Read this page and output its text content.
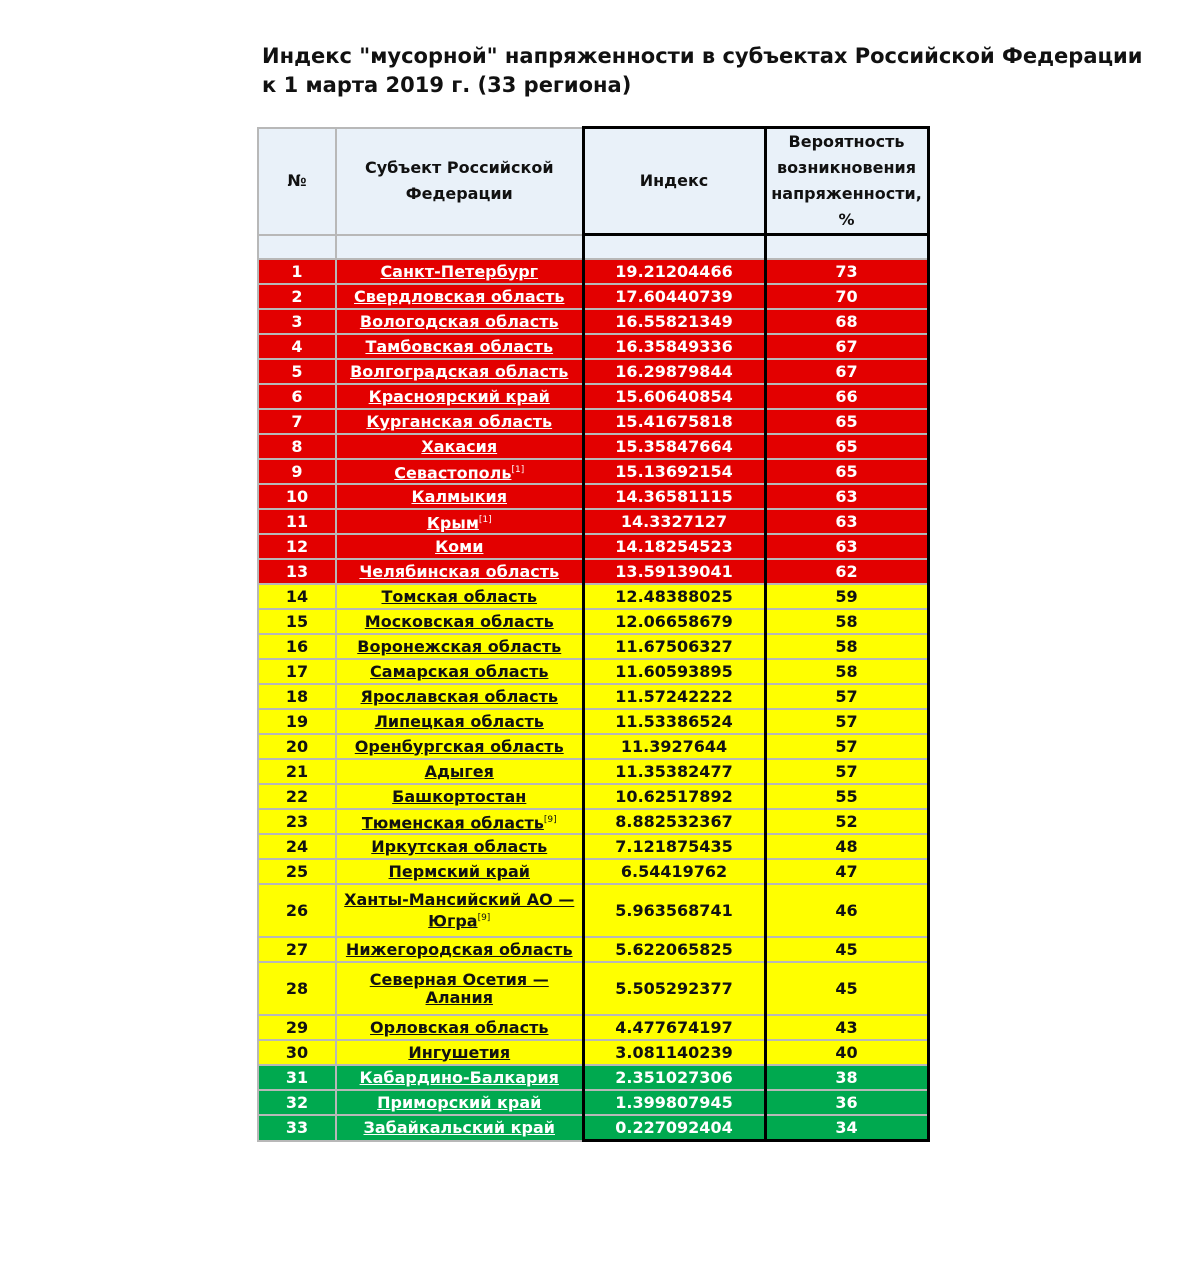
Индекс "мусорной" напряженности в субъектах Российской Федерации
к 1 марта 2019 г. (33 региона)
№	Субъект Российской Федерации	Индекс	Вероятность возникновения напряженности, %

1	Санкт-Петербург	19.21204466	73
2	Свердловская область	17.60440739	70
3	Вологодская область	16.55821349	68
4	Тамбовская область	16.35849336	67
5	Волгоградская область	16.29879844	67
6	Красноярский край	15.60640854	66
7	Курганская область	15.41675818	65
8	Хакасия	15.35847664	65
9	Севастополь[1]	15.13692154	65
10	Калмыкия	14.36581115	63
11	Крым[1]	14.3327127	63
12	Коми	14.18254523	63
13	Челябинская область	13.59139041	62
14	Томская область	12.48388025	59
15	Московская область	12.06658679	58
16	Воронежская область	11.67506327	58
17	Самарская область	11.60593895	58
18	Ярославская область	11.57242222	57
19	Липецкая область	11.53386524	57
20	Оренбургская область	11.3927644	57
21	Адыгея	11.35382477	57
22	Башкортостан	10.62517892	55
23	Тюменская область[9]	8.882532367	52
24	Иркутская область	7.121875435	48
25	Пермский край	6.54419762	47
26	Ханты-Мансийский АО — Югра[9]	5.963568741	46
27	Нижегородская область	5.622065825	45
28	Северная Осетия — Алания	5.505292377	45
29	Орловская область	4.477674197	43
30	Ингушетия	3.081140239	40
31	Кабардино-Балкария	2.351027306	38
32	Приморский край	1.399807945	36
33	Забайкальский край	0.227092404	34
